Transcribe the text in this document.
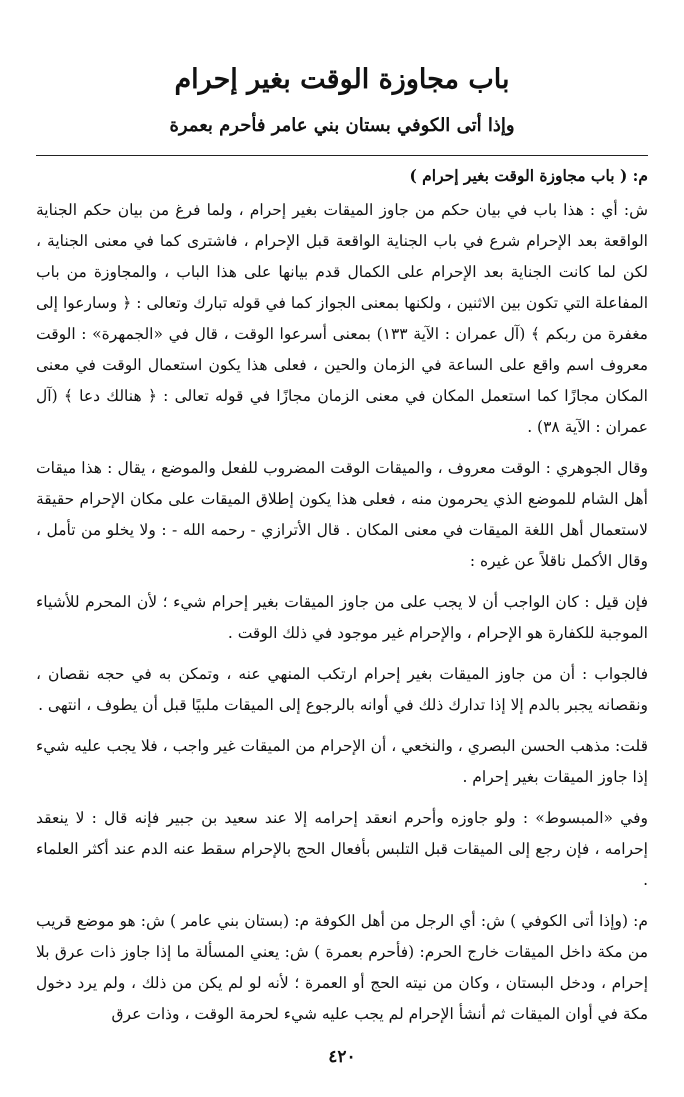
باب مجاوزة الوقت بغير إحرام
وإذا أتى الكوفي بستان بني عامر فأحرم بعمرة

م: ( باب مجاوزة الوقت بغير إحرام )

ش: أي : هذا باب في بيان حكم من جاوز الميقات بغير إحرام ، ولما فرغ من بيان حكم الجناية الواقعة بعد الإحرام شرع في باب الجناية الواقعة قبل الإحرام ، فاشترى كما في معنى الجناية ، لكن لما كانت الجناية بعد الإحرام على الكمال قدم بيانها على هذا الباب ، والمجاوزة من باب المفاعلة التي تكون بين الاثنين ، ولكنها بمعنى الجواز كما في قوله تبارك وتعالى : ﴿ وسارعوا إلى مغفرة من ربكم ﴾ (آل عمران : الآية ١٣٣) بمعنى أسرعوا الوقت ، قال في «الجمهرة» : الوقت معروف اسم واقع على الساعة في الزمان والحين ، فعلى هذا يكون استعمال الوقت في معنى المكان مجازًا كما استعمل المكان في معنى الزمان مجازًا في قوله تعالى : ﴿ هنالك دعا ﴾ (آل عمران : الآية ٣٨) .

وقال الجوهري : الوقت معروف ، والميقات الوقت المضروب للفعل والموضع ، يقال : هذا ميقات أهل الشام للموضع الذي يحرمون منه ، فعلى هذا يكون إطلاق الميقات على مكان الإحرام حقيقة لاستعمال أهل اللغة الميقات في معنى المكان . قال الأترازي - رحمه الله - : ولا يخلو من تأمل ، وقال الأكمل ناقلاً عن غيره :

فإن قيل : كان الواجب أن لا يجب على من جاوز الميقات بغير إحرام شيء ؛ لأن المحرم للأشياء الموجبة للكفارة هو الإحرام ، والإحرام غير موجود في ذلك الوقت .

فالجواب : أن من جاوز الميقات بغير إحرام ارتكب المنهي عنه ، وتمكن به في حجه نقصان ، ونقصانه يجبر بالدم إلا إذا تدارك ذلك في أوانه بالرجوع إلى الميقات ملبيًا قبل أن يطوف ، انتهى .

قلت: مذهب الحسن البصري ، والنخعي ، أن الإحرام من الميقات غير واجب ، فلا يجب عليه شيء إذا جاوز الميقات بغير إحرام .

وفي «المبسوط» : ولو جاوزه وأحرم انعقد إحرامه إلا عند سعيد بن جبير فإنه قال : لا ينعقد إحرامه ، فإن رجع إلى الميقات قبل التلبس بأفعال الحج بالإحرام سقط عنه الدم عند أكثر العلماء .

م: (وإذا أتى الكوفي ) ش: أي الرجل من أهل الكوفة م: (بستان بني عامر ) ش: هو موضع قريب من مكة داخل الميقات خارج الحرم: (فأحرم بعمرة ) ش: يعني المسألة ما إذا جاوز ذات عرق بلا إحرام ، ودخل البستان ، وكان من نيته الحج أو العمرة ؛ لأنه لو لم يكن من ذلك ، ولم يرد دخول مكة في أوان الميقات ثم أنشأ الإحرام لم يجب عليه شيء لحرمة الوقت ، وذات عرق

٤٢٠
